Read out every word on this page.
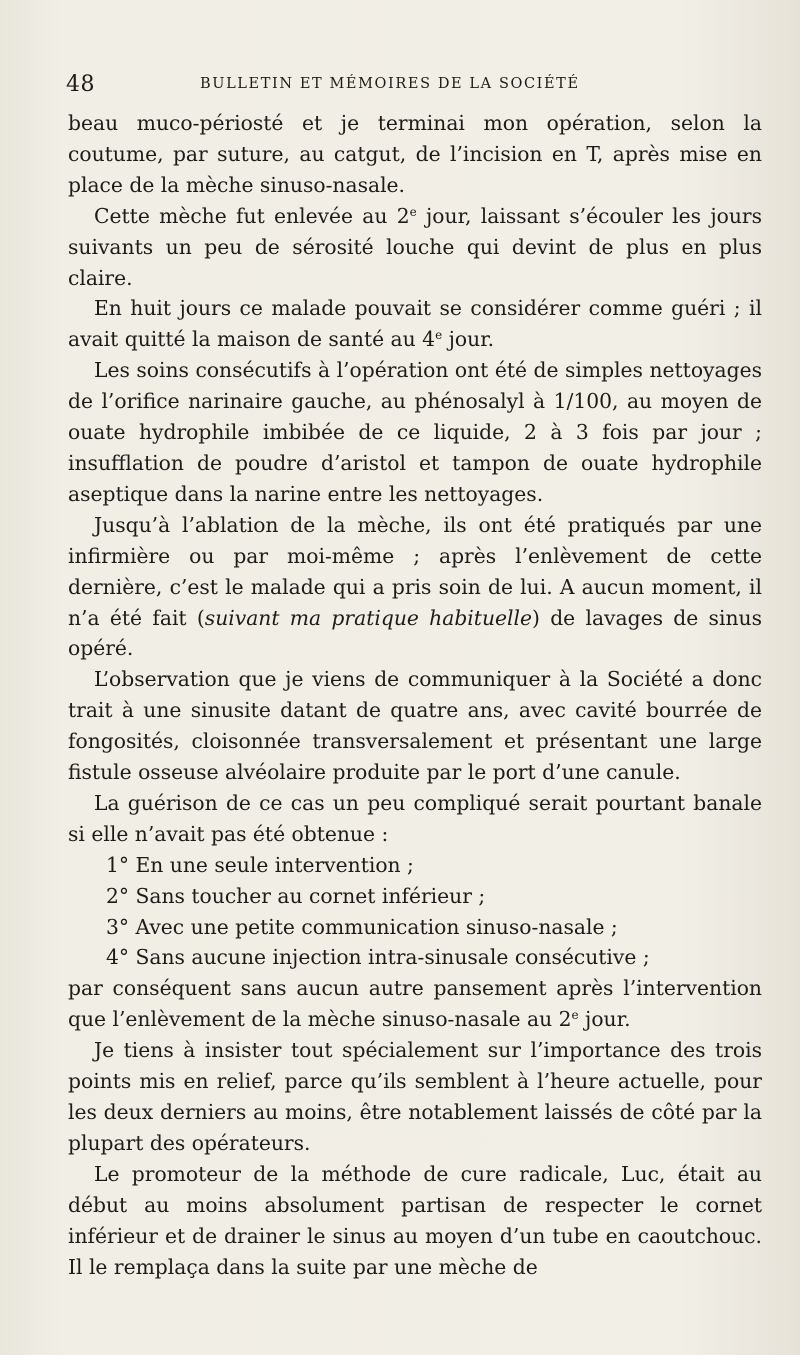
48	BULLETIN ET MÉMOIRES DE LA SOCIÉTÉ

beau muco-périosté et je terminai mon opération, selon la coutume, par suture, au catgut, de l’incision en T, après mise en place de la mèche sinuso-nasale.

Cette mèche fut enlevée au 2e jour, laissant s’écouler les jours suivants un peu de sérosité louche qui devint de plus en plus claire.

En huit jours ce malade pouvait se considérer comme guéri ; il avait quitté la maison de santé au 4e jour.

Les soins consécutifs à l’opération ont été de simples nettoyages de l’orifice narinaire gauche, au phénosalyl à 1/100, au moyen de ouate hydrophile imbibée de ce liquide, 2 à 3 fois par jour ; insufflation de poudre d’aristol et tampon de ouate hydrophile aseptique dans la narine entre les nettoyages.

Jusqu’à l’ablation de la mèche, ils ont été pratiqués par une infirmière ou par moi-même ; après l’enlèvement de cette dernière, c’est le malade qui a pris soin de lui. A aucun moment, il n’a été fait (suivant ma pratique habituelle) de lavages de sinus opéré.

L’observation que je viens de communiquer à la Société a donc trait à une sinusite datant de quatre ans, avec cavité bourrée de fongosités, cloisonnée transversalement et présentant une large fistule osseuse alvéolaire produite par le port d’une canule.

La guérison de ce cas un peu compliqué serait pourtant banale si elle n’avait pas été obtenue :

1° En une seule intervention ;

2° Sans toucher au cornet inférieur ;

3° Avec une petite communication sinuso-nasale ;

4° Sans aucune injection intra-sinusale consécutive ;

par conséquent sans aucun autre pansement après l’intervention que l’enlèvement de la mèche sinuso-nasale au 2e jour.

Je tiens à insister tout spécialement sur l’importance des trois points mis en relief, parce qu’ils semblent à l’heure actuelle, pour les deux derniers au moins, être notablement laissés de côté par la plupart des opérateurs.

Le promoteur de la méthode de cure radicale, Luc, était au début au moins absolument partisan de respecter le cornet inférieur et de drainer le sinus au moyen d’un tube en caoutchouc. Il le remplaça dans la suite par une mèche de
